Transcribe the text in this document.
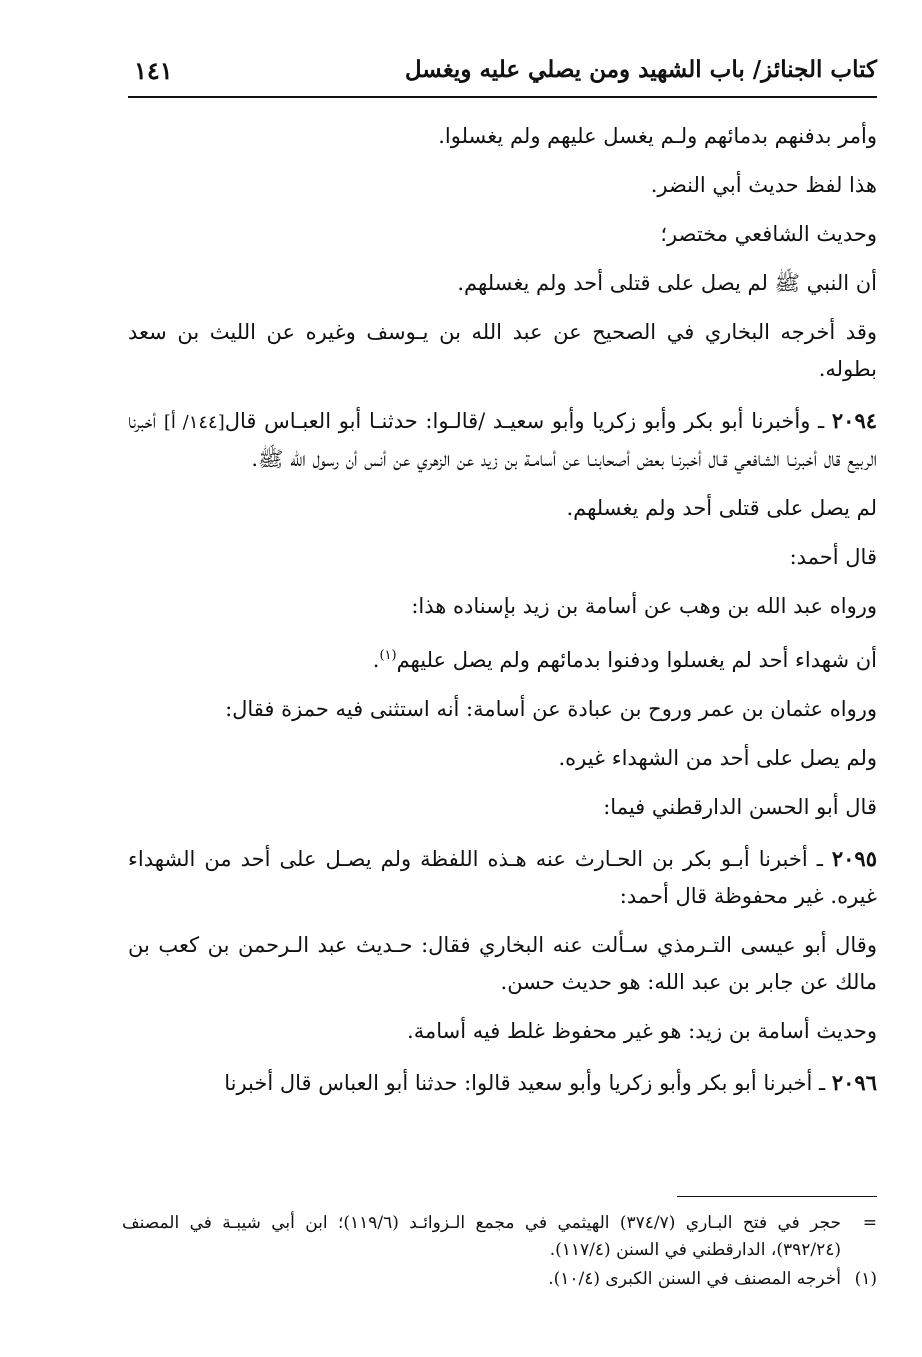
كتاب الجنائز/ باب الشهيد ومن يصلي عليه ويغسل
١٤١

وأمر بدفنهم بدمائهم ولـم يغسل عليهم ولم يغسلوا.

هذا لفظ حديث أبي النضر.

وحديث الشافعي مختصر؛

أن النبي ﷺ لم يصل على قتلى أحد ولم يغسلهم.

وقد أخرجه البخاري في الصحيح عن عبد الله بن يـوسف وغيره عن الليث بن سعد بطوله.

٢٠٩٤ ـ وأخبرنا أبو بكر وأبو زكريا وأبو سعيـد /قالـوا: حدثنـا أبو العبـاس قال[١٤٤/ أ] أخبرنا الربيع قال أخبرنـا الشافعي قـال أخبرنـا بعض أصحابنـا عن أسامـة بن زيد عن الزهري عن أنس أن رسول الله ﷺ.

لم يصل على قتلى أحد ولم يغسلهم.

قال أحمد:

ورواه عبد الله بن وهب عن أسامة بن زيد بإسناده هذا:

أن شهداء أحد لم يغسلوا ودفنوا بدمائهم ولم يصل عليهم$^{(١)}$.

ورواه عثمان بن عمر وروح بن عبادة عن أسامة: أنه استثنى فيه حمزة فقال:

ولم يصل على أحد من الشهداء غيره.

قال أبو الحسن الدارقطني فيما:

٢٠٩٥ ـ أخبرنا أبـو بكر بن الحـارث عنه هـذه اللفظة ولم يصـل على أحد من الشهداء غيره. غير محفوظة قال أحمد:

وقال أبو عيسى التـرمذي سـألت عنه البخاري فقال: حـديث عبد الـرحمن بن كعب بن مالك عن جابر بن عبد الله: هو حديث حسن.

وحديث أسامة بن زيد: هو غير محفوظ غلط فيه أسامة.

٢٠٩٦ ـ أخبرنا أبو بكر وأبو زكريا وأبو سعيد قالوا: حدثنا أبو العباس قال أخبرنا

=
حجر في فتح البـاري (٣٧٤/٧) الهيثمي في مجمع الـزوائـد (١١٩/٦)؛ ابن أبي شيبـة في المصنف (٣٩٢/٢٤)، الدارقطني في السنن (١١٧/٤).
(١)
أخرجه المصنف في السنن الكبرى (١٠/٤).
